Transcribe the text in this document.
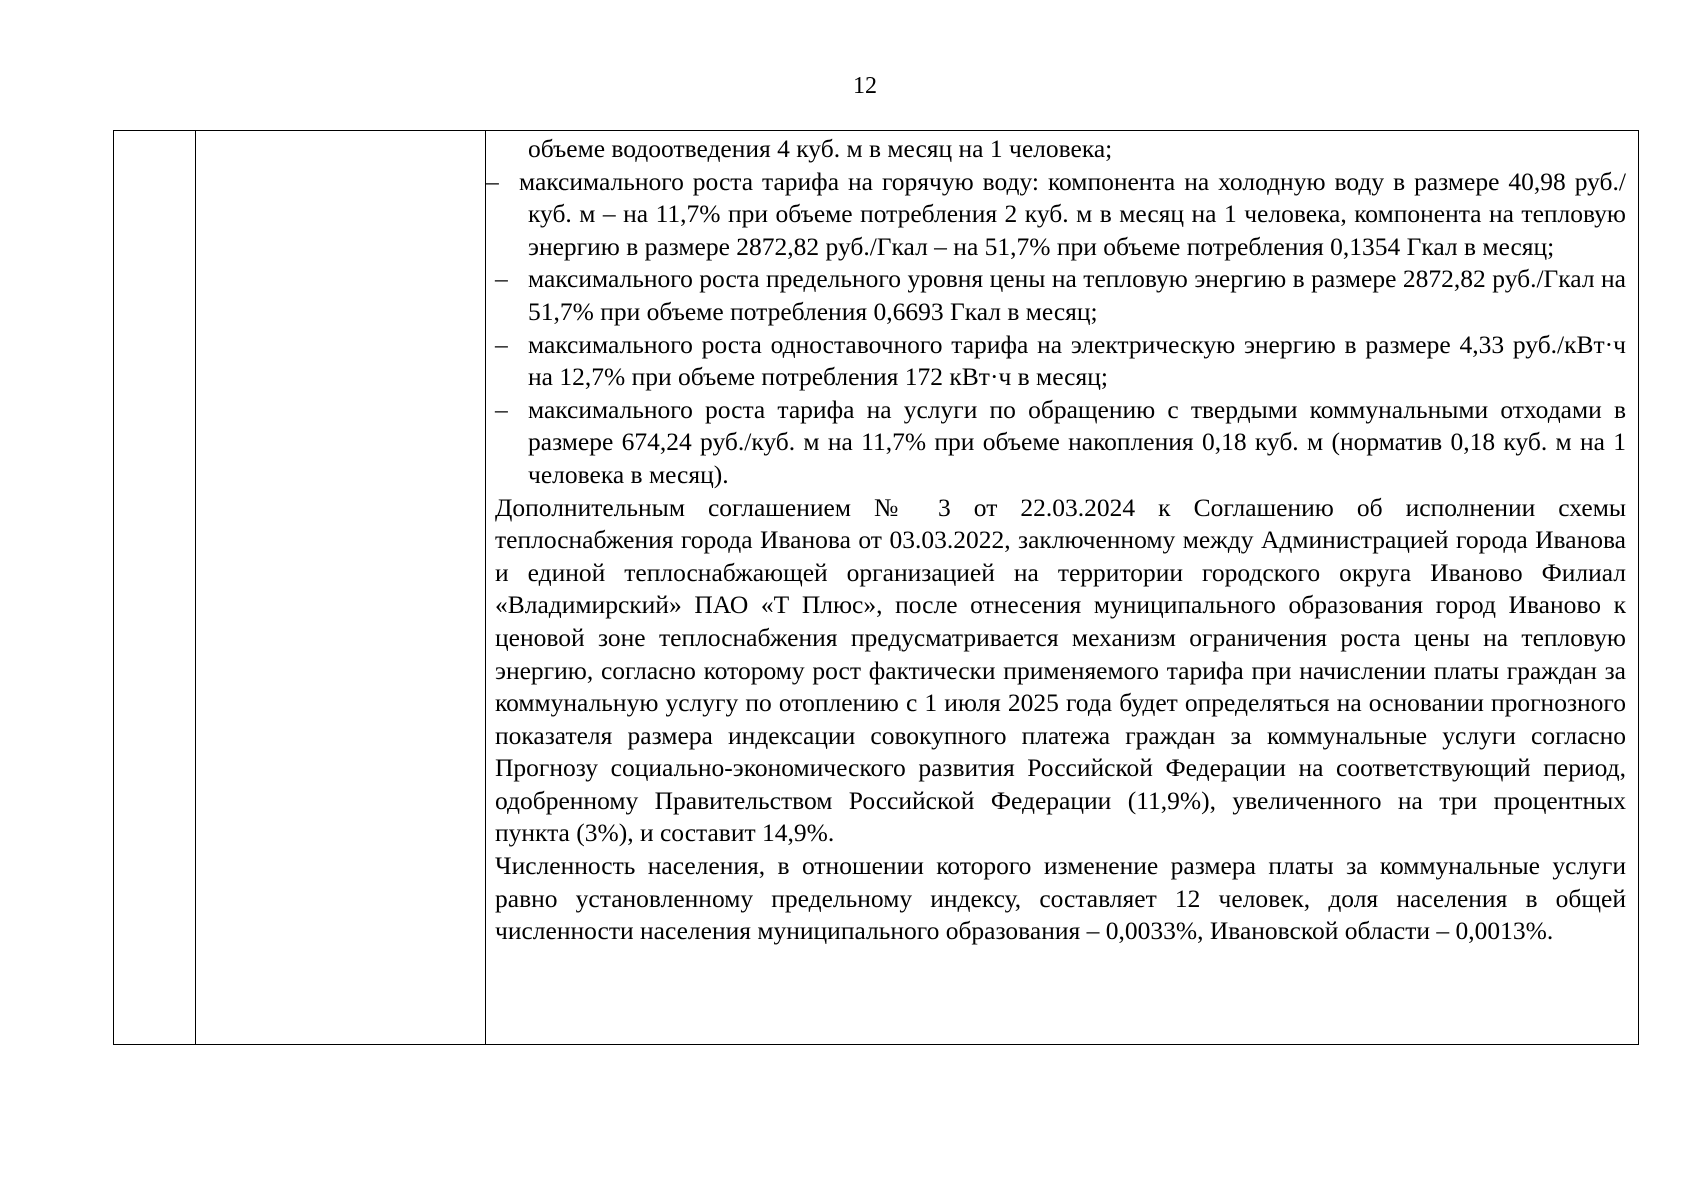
12

объеме водоотведения 4 куб. м в месяц на 1 человека;

– максимального роста тарифа на горячую воду: компонента на холодную воду в размере 40,98 руб./куб. м – на 11,7% при объеме потребления 2 куб. м в месяц на 1 человека, компонента на тепловую энергию в размере 2872,82 руб./Гкал – на 51,7% при объеме потребления 0,1354 Гкал в месяц;

– максимального роста предельного уровня цены на тепловую энергию в размере 2872,82 руб./Гкал на 51,7% при объеме потребления 0,6693 Гкал в месяц;

– максимального роста одноставочного тарифа на электрическую энергию в размере 4,33 руб./кВт·ч на 12,7% при объеме потребления 172 кВт·ч в месяц;

– максимального роста тарифа на услуги по обращению с твердыми коммунальными отходами в размере 674,24 руб./куб. м на 11,7% при объеме накопления 0,18 куб. м (норматив 0,18 куб. м на 1 человека в месяц).

Дополнительным соглашением № 3 от 22.03.2024 к Соглашению об исполнении схемы теплоснабжения города Иванова от 03.03.2022, заключенному между Администрацией города Иванова и единой теплоснабжающей организацией на территории городского округа Иваново Филиал «Владимирский» ПАО «Т Плюс», после отнесения муниципального образования город Иваново к ценовой зоне теплоснабжения предусматривается механизм ограничения роста цены на тепловую энергию, согласно которому рост фактически применяемого тарифа при начислении платы граждан за коммунальную услугу по отоплению с 1 июля 2025 года будет определяться на основании прогнозного показателя размера индексации совокупного платежа граждан за коммунальные услуги согласно Прогнозу социально-экономического развития Российской Федерации на соответствующий период, одобренному Правительством Российской Федерации (11,9%), увеличенного на три процентных пункта (3%), и составит 14,9%.

Численность населения, в отношении которого изменение размера платы за коммунальные услуги равно установленному предельному индексу, составляет 12 человек, доля населения в общей численности населения муниципального образования – 0,0033%, Ивановской области – 0,0013%.
